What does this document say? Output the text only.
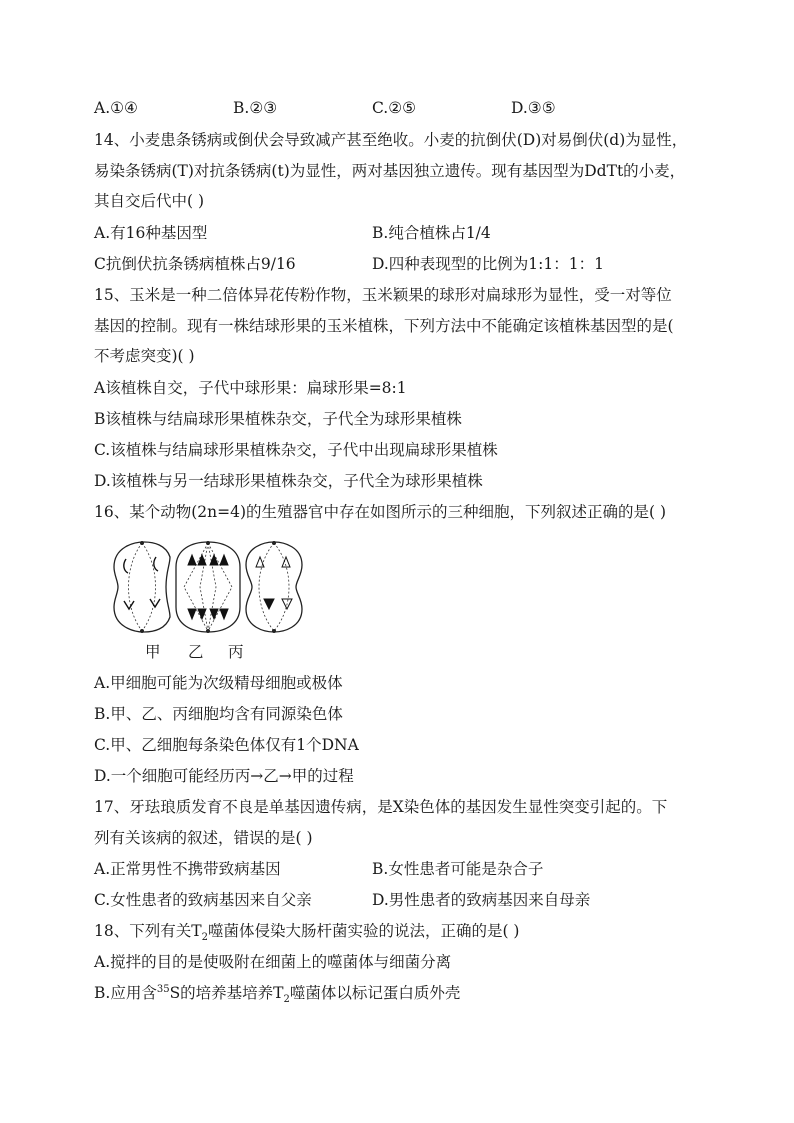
A.①④	B.②③	C.②⑤	D.③⑤
14、小麦患条锈病或倒伏会导致减产甚至绝收。小麦的抗倒伏(D)对易倒伏(d)为显性，
易染条锈病(T)对抗条锈病(t)为显性，两对基因独立遗传。现有基因型为DdTt的小麦，
其自交后代中( )
A.有16种基因型	B.纯合植株占1/4
C抗倒伏抗条锈病植株占9/16	D.四种表现型的比例为1:1：1：1
15、玉米是一种二倍体异花传粉作物，玉米颖果的球形对扁球形为显性，受一对等位
基因的控制。现有一株结球形果的玉米植株，下列方法中不能确定该植株基因型的是(
不考虑突变)( )
A该植株自交，子代中球形果：扁球形果=8:1
B该植株与结扁球形果植株杂交，子代全为球形果植株
C.该植株与结扁球形果植株杂交，子代中出现扁球形果植株
D.该植株与另一结球形果植株杂交，子代全为球形果植株
16、某个动物(2n=4)的生殖器官中存在如图所示的三种细胞，下列叙述正确的是( )
甲 乙 丙
A.甲细胞可能为次级精母细胞或极体
B.甲、乙、丙细胞均含有同源染色体
C.甲、乙细胞每条染色体仅有1个DNA
D.一个细胞可能经历丙→乙→甲的过程
17、牙珐琅质发育不良是单基因遗传病，是X染色体的基因发生显性突变引起的。下
列有关该病的叙述，错误的是( )
A.正常男性不携带致病基因	B.女性患者可能是杂合子
C.女性患者的致病基因来自父亲	D.男性患者的致病基因来自母亲
18、下列有关$T_2$噬菌体侵染大肠杆菌实验的说法，正确的是( )
A.搅拌的目的是使吸附在细菌上的噬菌体与细菌分离
B.应用含$^{35}$S的培养基培养$T_2$噬菌体以标记蛋白质外壳
